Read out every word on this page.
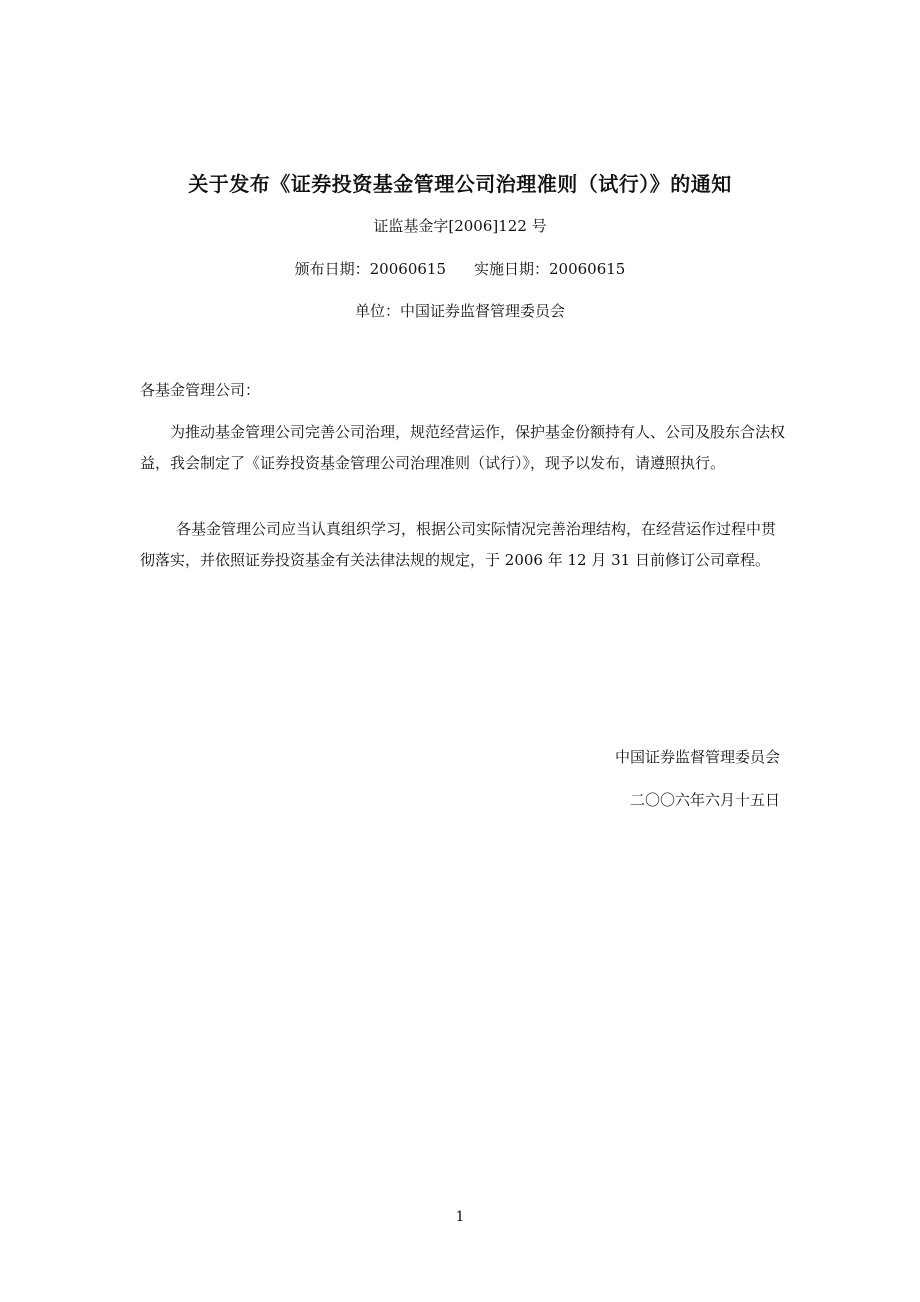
关于发布《证券投资基金管理公司治理准则（试行）》的通知
证监基金字[2006]122 号
颁布日期：20060615 实施日期：20060615
单位：中国证券监督管理委员会
各基金管理公司：

为推动基金管理公司完善公司治理，规范经营运作，保护基金份额持有人、公司及股东合法权益，我会制定了《证券投资基金管理公司治理准则（试行）》，现予以发布，请遵照执行。

各基金管理公司应当认真组织学习，根据公司实际情况完善治理结构，在经营运作过程中贯彻落实，并依照证券投资基金有关法律法规的规定，于 2006 年 12 月 31 日前修订公司章程。

中国证券监督管理委员会
二〇〇六年六月十五日
1
